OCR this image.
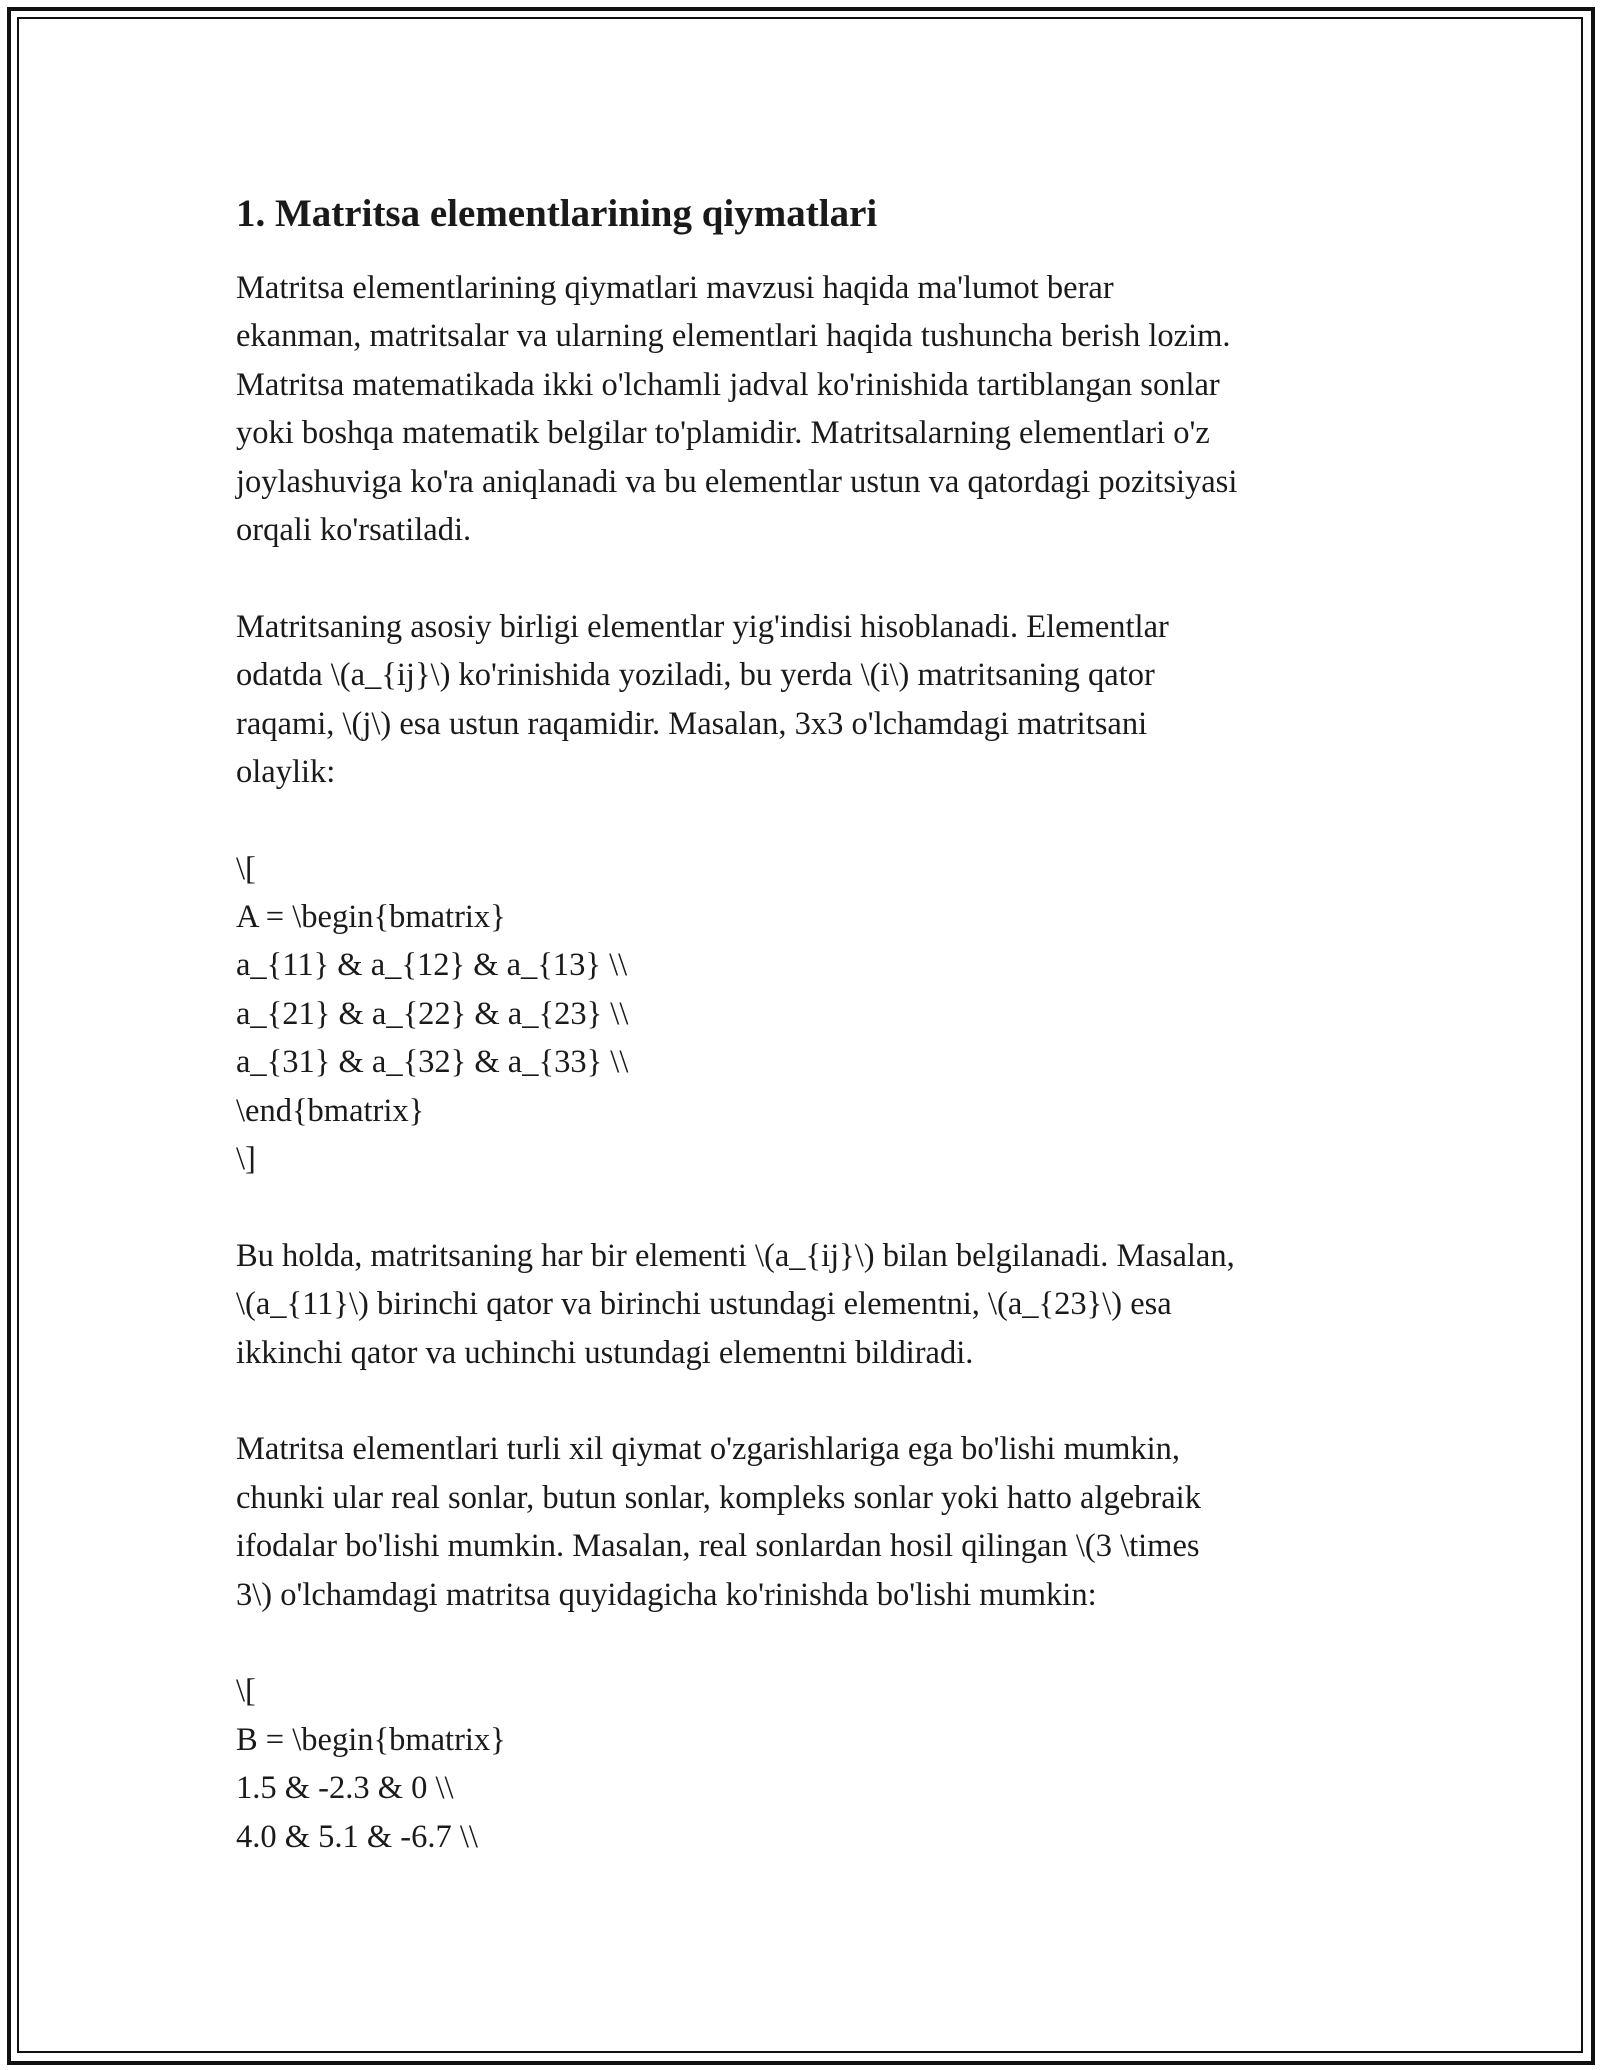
1. Matritsa elementlarining qiymatlari
Matritsa elementlarining qiymatlari mavzusi haqida ma'lumot berar
ekanman, matritsalar va ularning elementlari haqida tushuncha berish lozim.
Matritsa matematikada ikki o'lchamli jadval ko'rinishida tartiblangan sonlar
yoki boshqa matematik belgilar to'plamidir. Matritsalarning elementlari o'z
joylashuviga ko'ra aniqlanadi va bu elementlar ustun va qatordagi pozitsiyasi
orqali ko'rsatiladi.
Matritsaning asosiy birligi elementlar yig'indisi hisoblanadi. Elementlar
odatda \(a_{ij}\) ko'rinishida yoziladi, bu yerda \(i\) matritsaning qator
raqami, \(j\) esa ustun raqamidir. Masalan, 3x3 o'lchamdagi matritsani
olaylik:
\[
A = \begin{bmatrix}
a_{11} & a_{12} & a_{13} \\
a_{21} & a_{22} & a_{23} \\
a_{31} & a_{32} & a_{33} \\
\end{bmatrix}
\]
Bu holda, matritsaning har bir elementi \(a_{ij}\) bilan belgilanadi. Masalan,
\(a_{11}\) birinchi qator va birinchi ustundagi elementni, \(a_{23}\) esa
ikkinchi qator va uchinchi ustundagi elementni bildiradi.
Matritsa elementlari turli xil qiymat o'zgarishlariga ega bo'lishi mumkin,
chunki ular real sonlar, butun sonlar, kompleks sonlar yoki hatto algebraik
ifodalar bo'lishi mumkin. Masalan, real sonlardan hosil qilingan \(3 \times
3\) o'lchamdagi matritsa quyidagicha ko'rinishda bo'lishi mumkin:
\[
B = \begin{bmatrix}
1.5 & -2.3 & 0 \\
4.0 & 5.1 & -6.7 \\
